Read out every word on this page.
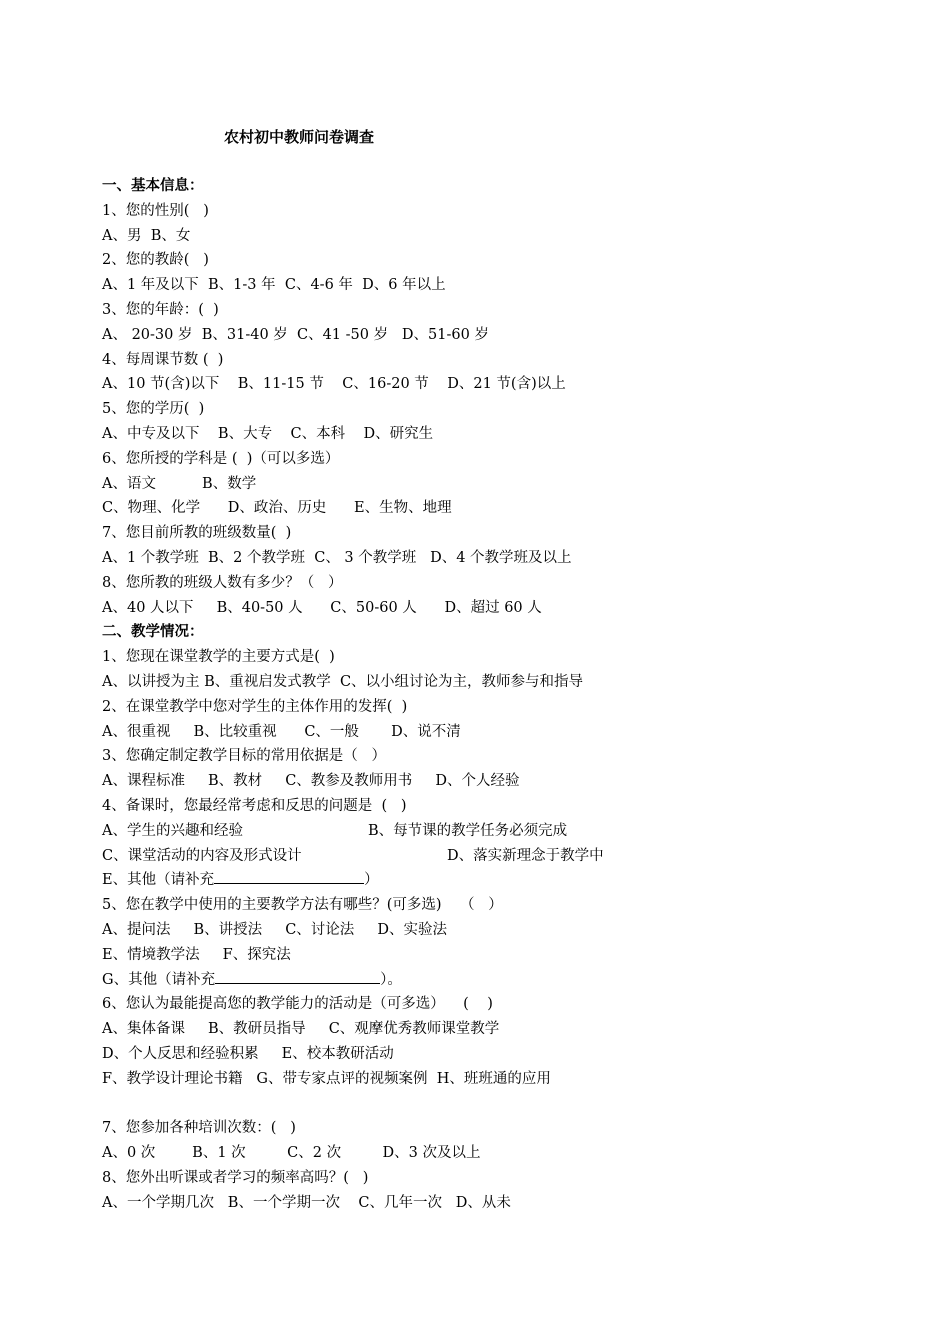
农村初中教师问卷调查
一、基本信息：
1、您的性别(   )
A、男  B、女
2、您的教龄(   )
A、1 年及以下  B、1-3 年  C、4-6 年  D、6 年以上
3、您的年龄：(  )
A、 20-30 岁  B、31-40 岁  C、41 -50 岁   D、51-60 岁
4、每周课节数 (  )
A、10 节(含)以下    B、11-15 节    C、16-20 节    D、21 节(含)以上
5、您的学历(  )
A、中专及以下    B、大专    C、本科    D、研究生
6、您所授的学科是 (  )（可以多选）
A、语文          B、数学
C、物理、化学      D、政治、历史      E、生物、地理
7、您目前所教的班级数量(  )
A、1 个教学班  B、2 个教学班  C、 3 个教学班   D、4 个教学班及以上
8、您所教的班级人数有多少？（   ）
A、40 人以下     B、40-50 人      C、50-60 人      D、超过 60 人
二、教学情况：
1、您现在课堂教学的主要方式是(  )
A、以讲授为主 B、重视启发式教学  C、以小组讨论为主，教师参与和指导
2、在课堂教学中您对学生的主体作用的发挥(  )
A、很重视     B、比较重视      C、一般       D、说不清
3、您确定制定教学目标的常用依据是（   ）
A、课程标准     B、教材     C、教参及教师用书     D、个人经验
4、备课时，您最经常考虑和反思的问题是  (   )
A、学生的兴趣和经验	B、每节课的教学任务必须完成
C、课堂活动的内容及形式设计	D、落实新理念于教学中
E、其他（请补充	）
5、您在教学中使用的主要教学方法有哪些？(可多选)    （   ）
A、提问法     B、讲授法     C、讨论法     D、实验法
E、情境教学法     F、探究法
G、其他（请补充	）。
6、您认为最能提高您的教学能力的活动是（可多选）    (    )
A、集体备课     B、教研员指导     C、观摩优秀教师课堂教学
D、个人反思和经验积累     E、校本教研活动
F、教学设计理论书籍   G、带专家点评的视频案例  H、班班通的应用
7、您参加各种培训次数：(   )
A、0 次        B、1 次         C、2 次         D、3 次及以上
8、您外出听课或者学习的频率高吗？(   )
A、一个学期几次   B、一个学期一次    C、几年一次   D、从未
